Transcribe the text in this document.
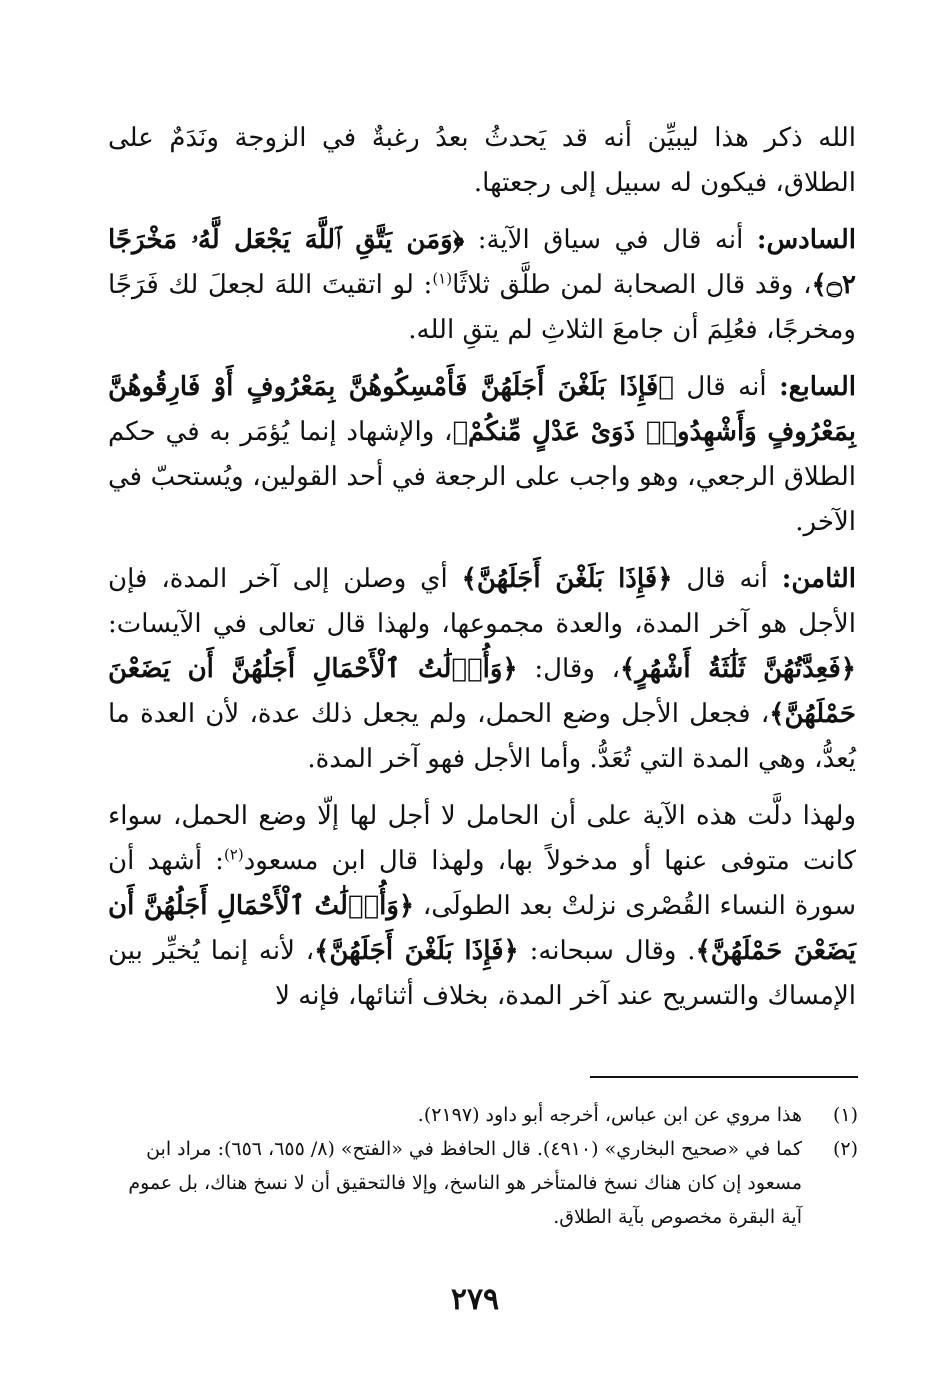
الله ذكر هذا ليبيِّن أنه قد يَحدثُ بعدُ رغبةٌ في الزوجة ونَدَمٌ على الطلاق، فيكون له سبيل إلى رجعتها.

السادس: أنه قال في سياق الآية: ﴿وَمَن يَتَّقِ ٱللَّهَ يَجْعَل لَّهُۥ مَخْرَجًا ۝٢﴾، وقد قال الصحابة لمن طلَّق ثلاثًا$^{(١)}$: لو اتقيتَ اللهَ لجعلَ لك فَرَجًا ومخرجًا، فعُلِمَ أن جامعَ الثلاثِ لم يتقِ الله.

السابع: أنه قال ﴿فَإِذَا بَلَغْنَ أَجَلَهُنَّ فَأَمْسِكُوهُنَّ بِمَعْرُوفٍ أَوْ فَارِقُوهُنَّ بِمَعْرُوفٍ وَأَشْهِدُوا۟ ذَوَىْ عَدْلٍ مِّنكُمْ﴾، والإشهاد إنما يُؤمَر به في حكم الطلاق الرجعي، وهو واجب على الرجعة في أحد القولين، ويُستحبّ في الآخر.

الثامن: أنه قال ﴿فَإِذَا بَلَغْنَ أَجَلَهُنَّ﴾ أي وصلن إلى آخر المدة، فإن الأجل هو آخر المدة، والعدة مجموعها، ولهذا قال تعالى في الآيسات: ﴿فَعِدَّتُهُنَّ ثَلَٰثَةُ أَشْهُرٍ﴾، وقال: ﴿وَأُو۟لَٰتُ ٱلْأَحْمَالِ أَجَلُهُنَّ أَن يَضَعْنَ حَمْلَهُنَّ﴾، فجعل الأجل وضع الحمل، ولم يجعل ذلك عدة، لأن العدة ما يُعدُّ، وهي المدة التي تُعَدُّ. وأما الأجل فهو آخر المدة.

ولهذا دلَّت هذه الآية على أن الحامل لا أجل لها إلّا وضع الحمل، سواء كانت متوفى عنها أو مدخولاً بها، ولهذا قال ابن مسعود$^{(٢)}$: أشهد أن سورة النساء القُصْرى نزلتْ بعد الطولَى، ﴿وَأُو۟لَٰتُ ٱلْأَحْمَالِ أَجَلُهُنَّ أَن يَضَعْنَ حَمْلَهُنَّ﴾. وقال سبحانه: ﴿فَإِذَا بَلَغْنَ أَجَلَهُنَّ﴾، لأنه إنما يُخيِّر بين الإمساك والتسريح عند آخر المدة، بخلاف أثنائها، فإنه لا

(١)
هذا مروي عن ابن عباس، أخرجه أبو داود (٢١٩٧).
(٢)
كما في «صحيح البخاري» (٤٩١٠). قال الحافظ في «الفتح» (٨/ ٦٥٥، ٦٥٦): مراد ابن مسعود إن كان هناك نسخ فالمتأخر هو الناسخ، وإلا فالتحقيق أن لا نسخ هناك، بل عموم آية البقرة مخصوص بآية الطلاق.
٢٧٩
